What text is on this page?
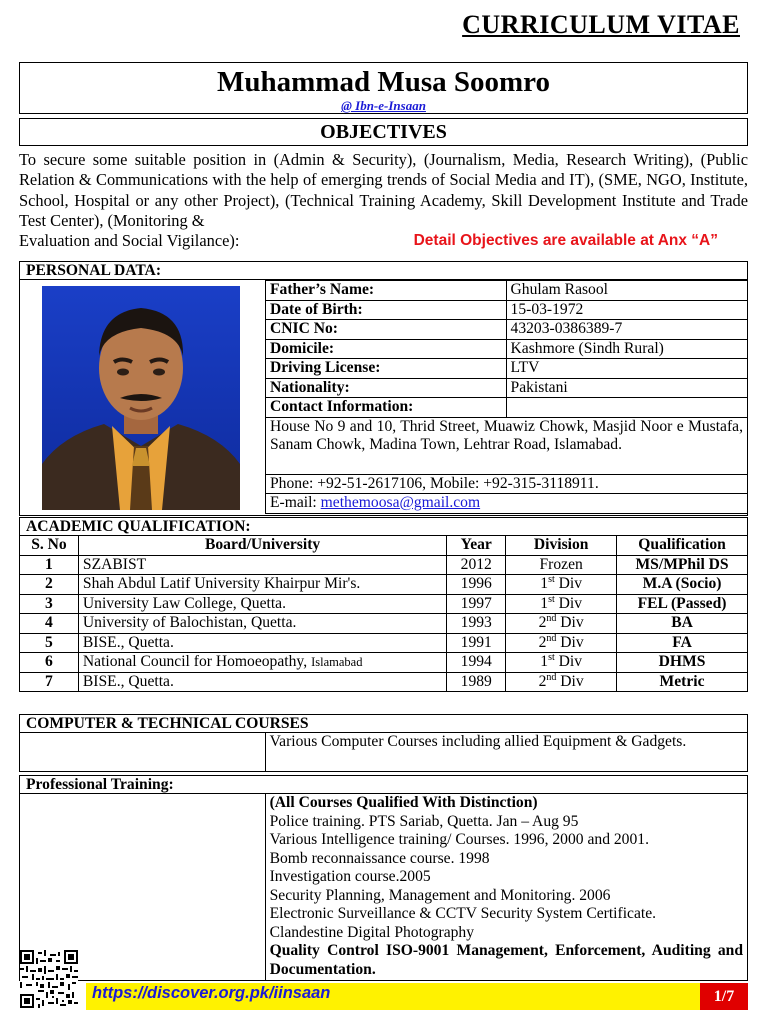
CURRICULUM VITAE
Muhammad Musa Soomro
@ Ibn-e-Insaan
OBJECTIVES
To secure some suitable position in (Admin & Security), (Journalism, Media, Research Writing), (Public Relation & Communications with the help of emerging trends of Social Media and IT), (SME, NGO, Institute, School, Hospital or any other Project), (Technical Training Academy, Skill Development Institute and Trade Test Center), (Monitoring &
Evaluation and Social Vigilance):	Detail Objectives are available at Anx “A”
PERSONAL DATA:
Father’s Name:	Ghulam Rasool
Date of Birth:	15-03-1972
CNIC No:	43203-0386389-7
Domicile:	Kashmore (Sindh Rural)
Driving License:	LTV
Nationality:	Pakistani
Contact Information:	
House No 9 and 10, Thrid Street, Muawiz Chowk, Masjid Noor e Mustafa, Sanam Chowk, Madina Town, Lehtrar Road, Islamabad.	
Phone: +92-51-2617106, Mobile: +92-315-3118911.	
E-mail: methemoosa@gmail.com	
ACADEMIC QUALIFICATION:
S. No	Board/University	Year	Division	Qualification
1	SZABIST	2012	Frozen	MS/MPhil DS
2	Shah Abdul Latif University Khairpur Mir's.	1996	1st Div	M.A (Socio)
3	University Law College, Quetta.	1997	1st Div	FEL (Passed)
4	University of Balochistan, Quetta.	1993	2nd Div	BA
5	BISE., Quetta.	1991	2nd Div	FA
6	National Council for Homoeopathy, Islamabad	1994	1st Div	DHMS
7	BISE., Quetta.	1989	2nd Div	Metric
COMPUTER & TECHNICAL COURSES
	Various Computer Courses including allied Equipment & Gadgets.
Professional Training:

(All Courses Qualified With Distinction)
Police training. PTS Sariab, Quetta. Jan – Aug 95
Various Intelligence training/ Courses. 1996, 2000 and 2001.
Bomb reconnaissance course. 1998
Investigation course.2005
Security Planning, Management and Monitoring. 2006
Electronic Surveillance & CCTV Security System Certificate.
Clandestine Digital Photography
Quality Control ISO-9001 Management, Enforcement, Auditing and Documentation.
https://discover.org.pk/iinsaan	1/7
